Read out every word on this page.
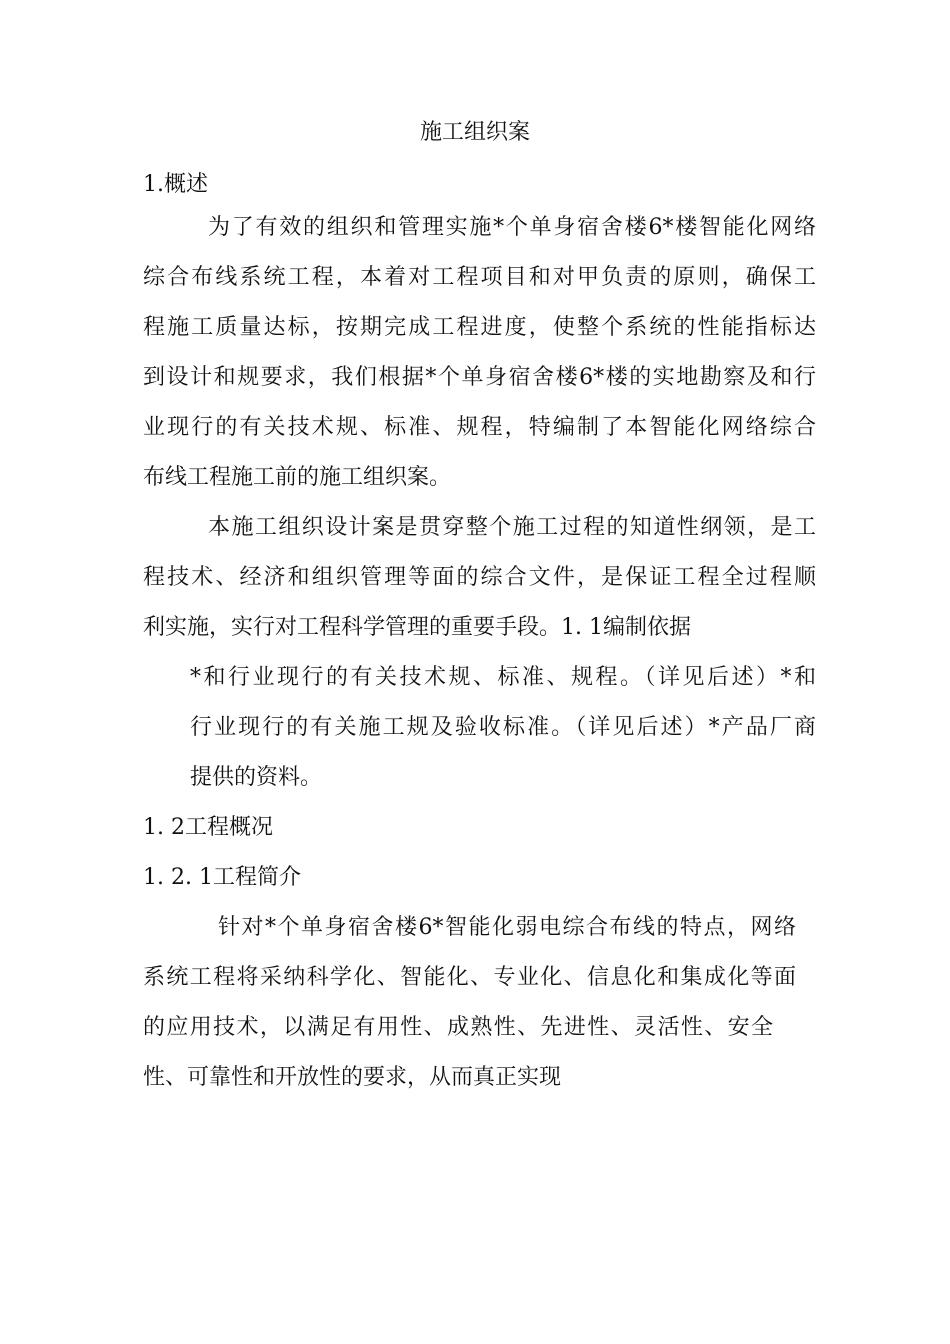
施工组织案

1.概述

为了有效的组织和管理实施*个单身宿舍楼6*楼智能化网络

综合布线系统工程，本着对工程项目和对甲负责的原则，确保工

程施工质量达标，按期完成工程进度，使整个系统的性能指标达

到设计和规要求，我们根据*个单身宿舍楼6*楼的实地勘察及和行

业现行的有关技术规、标准、规程，特编制了本智能化网络综合

布线工程施工前的施工组织案。

本施工组织设计案是贯穿整个施工过程的知道性纲领，是工

程技术、经济和组织管理等面的综合文件，是保证工程全过程顺

利实施，实行对工程科学管理的重要手段。1. 1编制依据

*和行业现行的有关技术规、标准、规程。（详见后述）*和

行业现行的有关施工规及验收标准。（详见后述）*产品厂商

提供的资料。

1. 2工程概况

1. 2. 1工程简介

针对*个单身宿舍楼6*智能化弱电综合布线的特点，网络

系统工程将采纳科学化、智能化、专业化、信息化和集成化等面

的应用技术，以满足有用性、成熟性、先进性、灵活性、安全

性、可靠性和开放性的要求，从而真正实现
